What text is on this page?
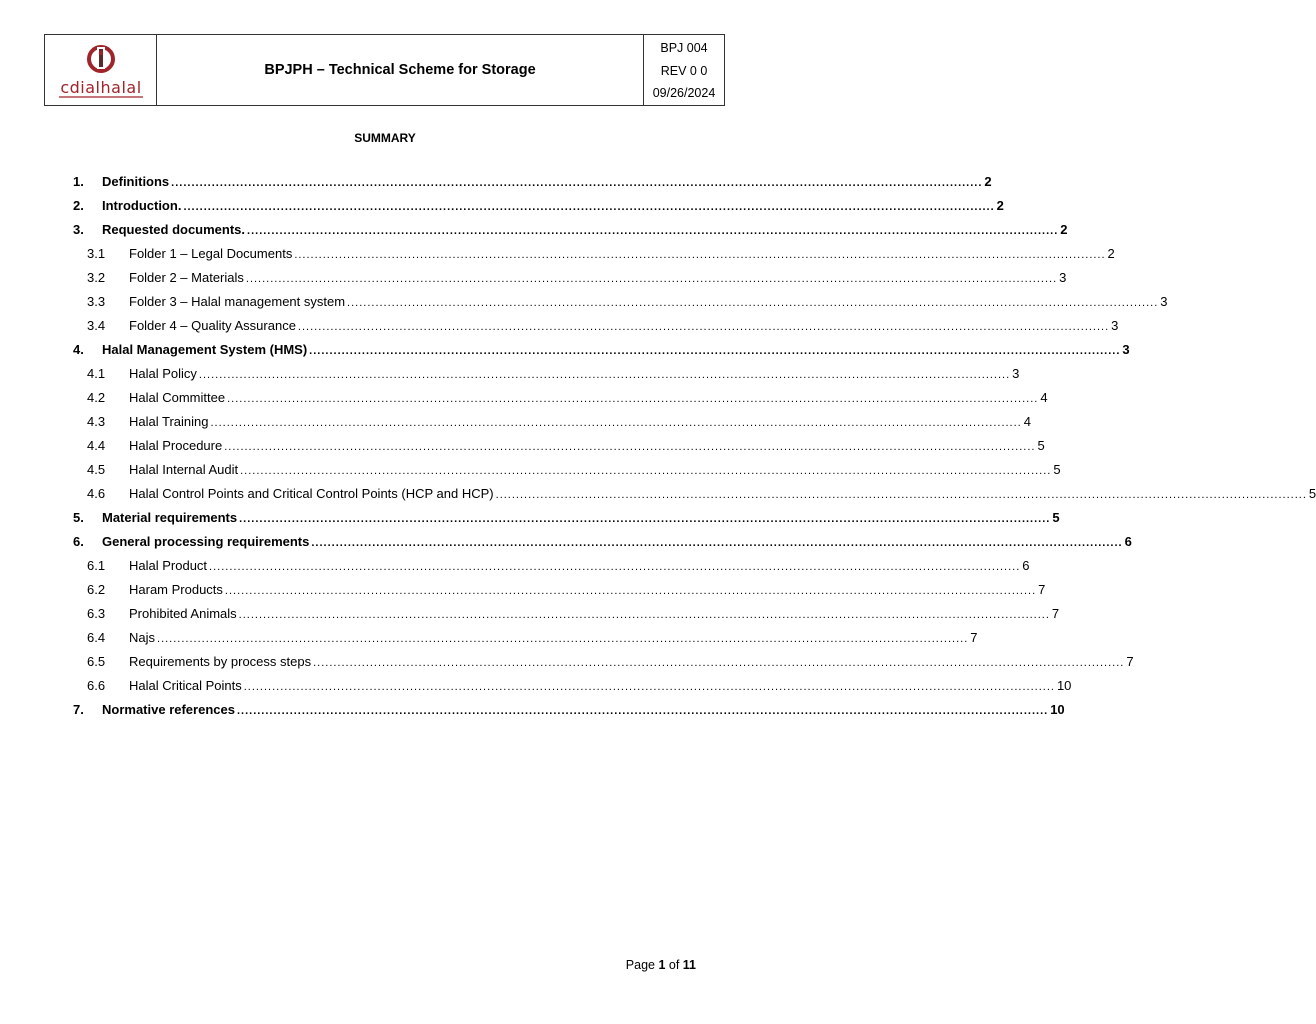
cdialhalal
BPJPH – Technical Scheme for Storage
BPJ 004
REV 0 0
09/26/2024
SUMMARY
1.	Definitions ........................................................................................................................................................................................................ 2
2.	Introduction. ........................................................................................................................................................................................................ 2
3.	Requested documents. ........................................................................................................................................................................................................ 2
3.1	Folder 1 – Legal Documents ........................................................................................................................................................................................................ 2
3.2	Folder 2 – Materials ........................................................................................................................................................................................................ 3
3.3	Folder 3 – Halal management system ........................................................................................................................................................................................................ 3
3.4	Folder 4 – Quality Assurance ........................................................................................................................................................................................................ 3
4.	Halal Management System (HMS) ........................................................................................................................................................................................................ 3
4.1	Halal Policy ........................................................................................................................................................................................................ 3
4.2	Halal Committee ........................................................................................................................................................................................................ 4
4.3	Halal Training ........................................................................................................................................................................................................ 4
4.4	Halal Procedure ........................................................................................................................................................................................................ 5
4.5	Halal Internal Audit ........................................................................................................................................................................................................ 5
4.6	Halal Control Points and Critical Control Points (HCP and HCP) ........................................................................................................................................................................................................ 5
5.	Material requirements ........................................................................................................................................................................................................ 5
6.	General processing requirements ........................................................................................................................................................................................................ 6
6.1	Halal Product ........................................................................................................................................................................................................ 6
6.2	Haram Products ........................................................................................................................................................................................................ 7
6.3	Prohibited Animals ........................................................................................................................................................................................................ 7
6.4	Najs ........................................................................................................................................................................................................ 7
6.5	Requirements by process steps ........................................................................................................................................................................................................ 7
6.6	Halal Critical Points ........................................................................................................................................................................................................ 10
7.	Normative references ........................................................................................................................................................................................................ 10
Page 1 of 11
